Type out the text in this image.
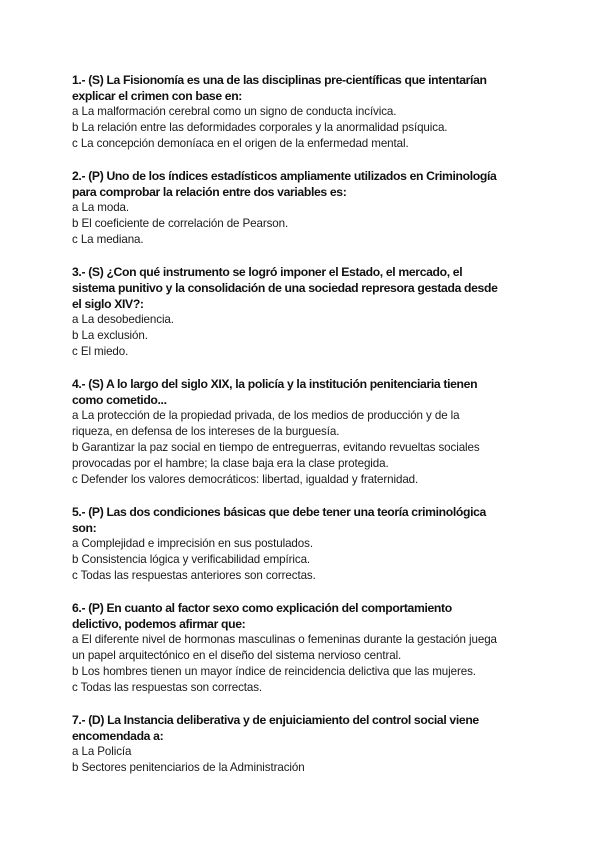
1.- (S) La Fisionomía es una de las disciplinas pre-científicas que intentarían
explicar el crimen con base en:
a La malformación cerebral como un signo de conducta incívica.
b La relación entre las deformidades corporales y la anormalidad psíquica.
c La concepción demoníaca en el origen de la enfermedad mental.
2.- (P) Uno de los índices estadísticos ampliamente utilizados en Criminología
para comprobar la relación entre dos variables es:
a La moda.
b El coeficiente de correlación de Pearson.
c La mediana.
3.- (S) ¿Con qué instrumento se logró imponer el Estado, el mercado, el
sistema punitivo y la consolidación de una sociedad represora gestada desde
el siglo XIV?:
a La desobediencia.
b La exclusión.
c El miedo.
4.- (S) A lo largo del siglo XIX, la policía y la institución penitenciaria tienen
como cometido...
a La protección de la propiedad privada, de los medios de producción y de la
riqueza, en defensa de los intereses de la burguesía.
b Garantizar la paz social en tiempo de entreguerras, evitando revueltas sociales
provocadas por el hambre; la clase baja era la clase protegida.
c Defender los valores democráticos: libertad, igualdad y fraternidad.
5.- (P) Las dos condiciones básicas que debe tener una teoría criminológica
son:
a Complejidad e imprecisión en sus postulados.
b Consistencia lógica y verificabilidad empírica.
c Todas las respuestas anteriores son correctas.
6.- (P) En cuanto al factor sexo como explicación del comportamiento
delictivo, podemos afirmar que:
a El diferente nivel de hormonas masculinas o femeninas durante la gestación juega
un papel arquitectónico en el diseño del sistema nervioso central.
b Los hombres tienen un mayor índice de reincidencia delictiva que las mujeres.
c Todas las respuestas son correctas.
7.- (D) La Instancia deliberativa y de enjuiciamiento del control social viene
encomendada a:
a La Policía
b Sectores penitenciarios de la Administración
